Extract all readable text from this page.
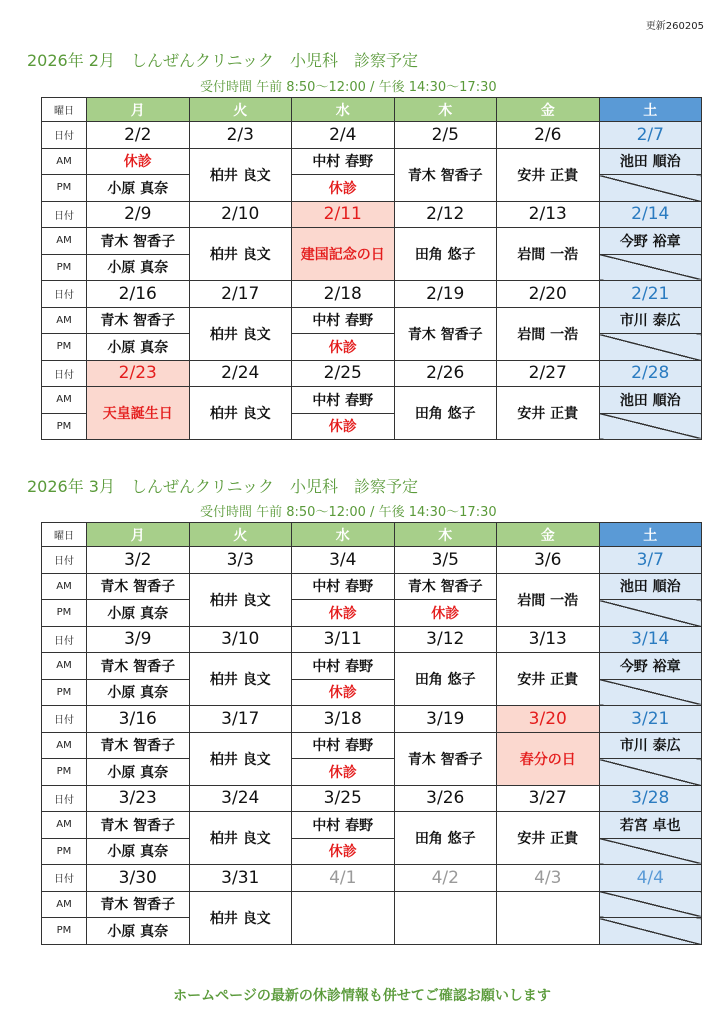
更新260205
2026年 2月　しんぜんクリニック　小児科　診察予定
受付時間 午前 8:50～12:00 / 午後 14:30～17:30
曜日	月	火	水	木	金	土
日付	2/2	2/3	2/4	2/5	2/6	2/7
AM	休診	柏井 良文	中村 春野	青木 智香子	安井 正貴	池田 順治
PM	小原 真奈		休診			
日付	2/9	2/10	2/11	2/12	2/13	2/14
AM	青木 智香子	柏井 良文	建国記念の日	田角 悠子	岩間 一浩	今野 裕章
PM	小原 真奈					
日付	2/16	2/17	2/18	2/19	2/20	2/21
AM	青木 智香子	柏井 良文	中村 春野	青木 智香子	岩間 一浩	市川 泰広
PM	小原 真奈		休診			
日付	2/23	2/24	2/25	2/26	2/27	2/28
AM	天皇誕生日	柏井 良文	中村 春野	田角 悠子	安井 正貴	池田 順治
PM			休診			
2026年 3月　しんぜんクリニック　小児科　診察予定
受付時間 午前 8:50～12:00 / 午後 14:30～17:30
曜日	月	火	水	木	金	土
日付	3/2	3/3	3/4	3/5	3/6	3/7
AM	青木 智香子	柏井 良文	中村 春野	青木 智香子	岩間 一浩	池田 順治
PM	小原 真奈		休診	休診		
日付	3/9	3/10	3/11	3/12	3/13	3/14
AM	青木 智香子	柏井 良文	中村 春野	田角 悠子	安井 正貴	今野 裕章
PM	小原 真奈		休診			
日付	3/16	3/17	3/18	3/19	3/20	3/21
AM	青木 智香子	柏井 良文	中村 春野	青木 智香子	春分の日	市川 泰広
PM	小原 真奈		休診			
日付	3/23	3/24	3/25	3/26	3/27	3/28
AM	青木 智香子	柏井 良文	中村 春野	田角 悠子	安井 正貴	若宮 卓也
PM	小原 真奈		休診			
日付	3/30	3/31	4/1	4/2	4/3	4/4
AM	青木 智香子	柏井 良文				
PM	小原 真奈					
ホームページの最新の休診情報も併せてご確認お願いします
